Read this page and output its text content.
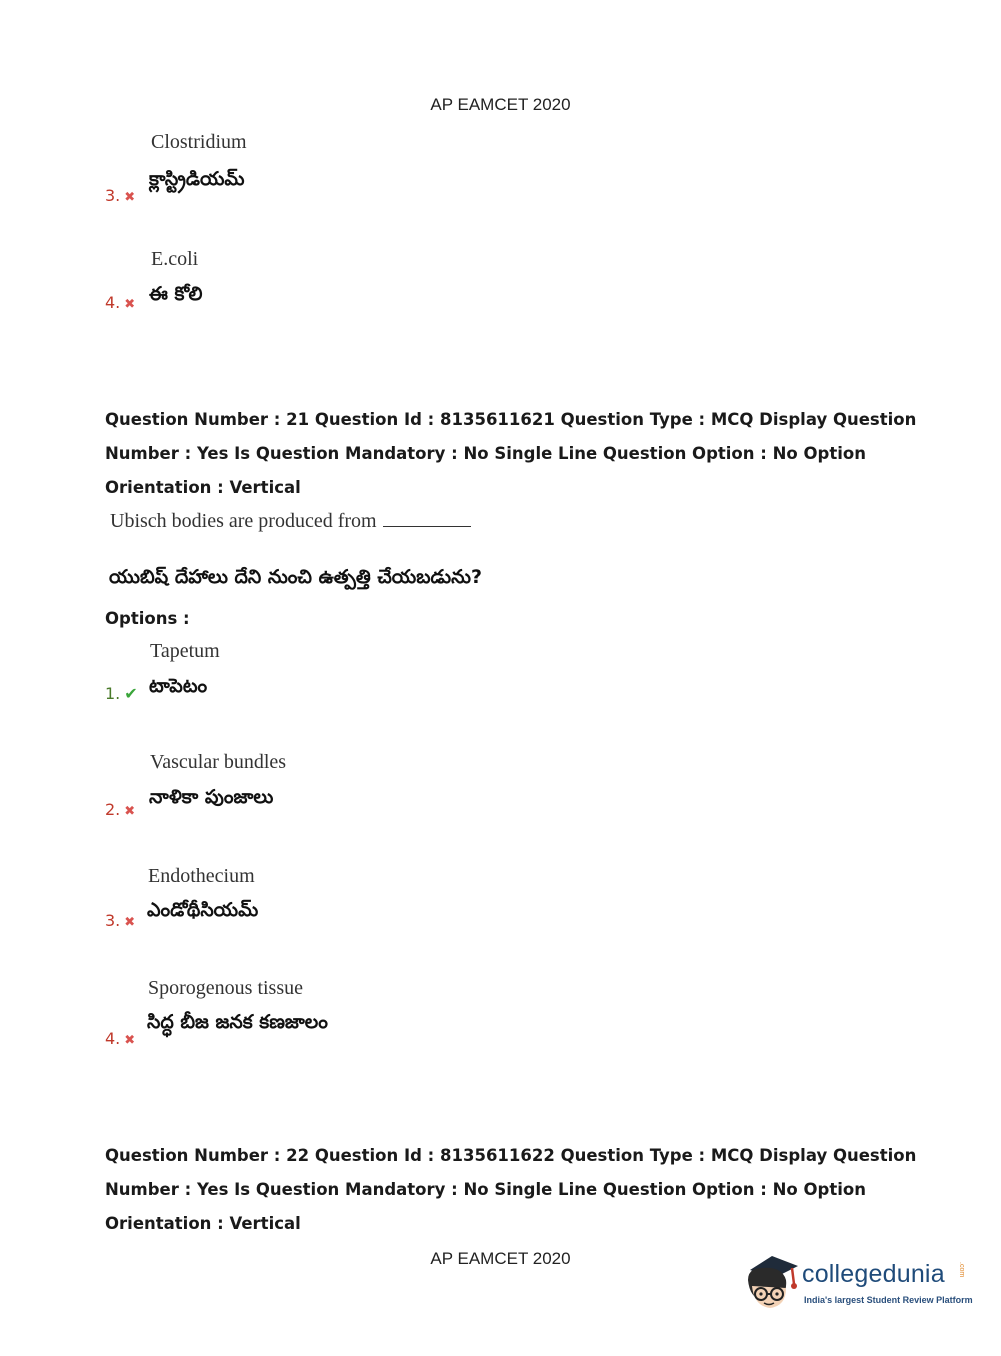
AP EAMCET 2020
Clostridium
క్లాస్ట్రిడియమ్
3. ✖
E.coli
ఈ కోలి
4. ✖
Question Number : 21 Question Id : 8135611621 Question Type : MCQ Display Question
Number : Yes Is Question Mandatory : No Single Line Question Option : No Option
Orientation : Vertical
Ubisch bodies are produced from
యుబిష్ దేహాలు దేని నుంచి ఉత్పత్తి చేయబడును?
Options :
Tapetum
టాపెటం
1. ✔
Vascular bundles
నాళికా పుంజాలు
2. ✖
Endothecium
ఎండోథీసియమ్
3. ✖
Sporogenous tissue
సిద్ధ బీజ జనక కణజాలం
4. ✖
Question Number : 22 Question Id : 8135611622 Question Type : MCQ Display Question
Number : Yes Is Question Mandatory : No Single Line Question Option : No Option
Orientation : Vertical
AP EAMCET 2020
collegedunia .com
India's largest Student Review Platform
